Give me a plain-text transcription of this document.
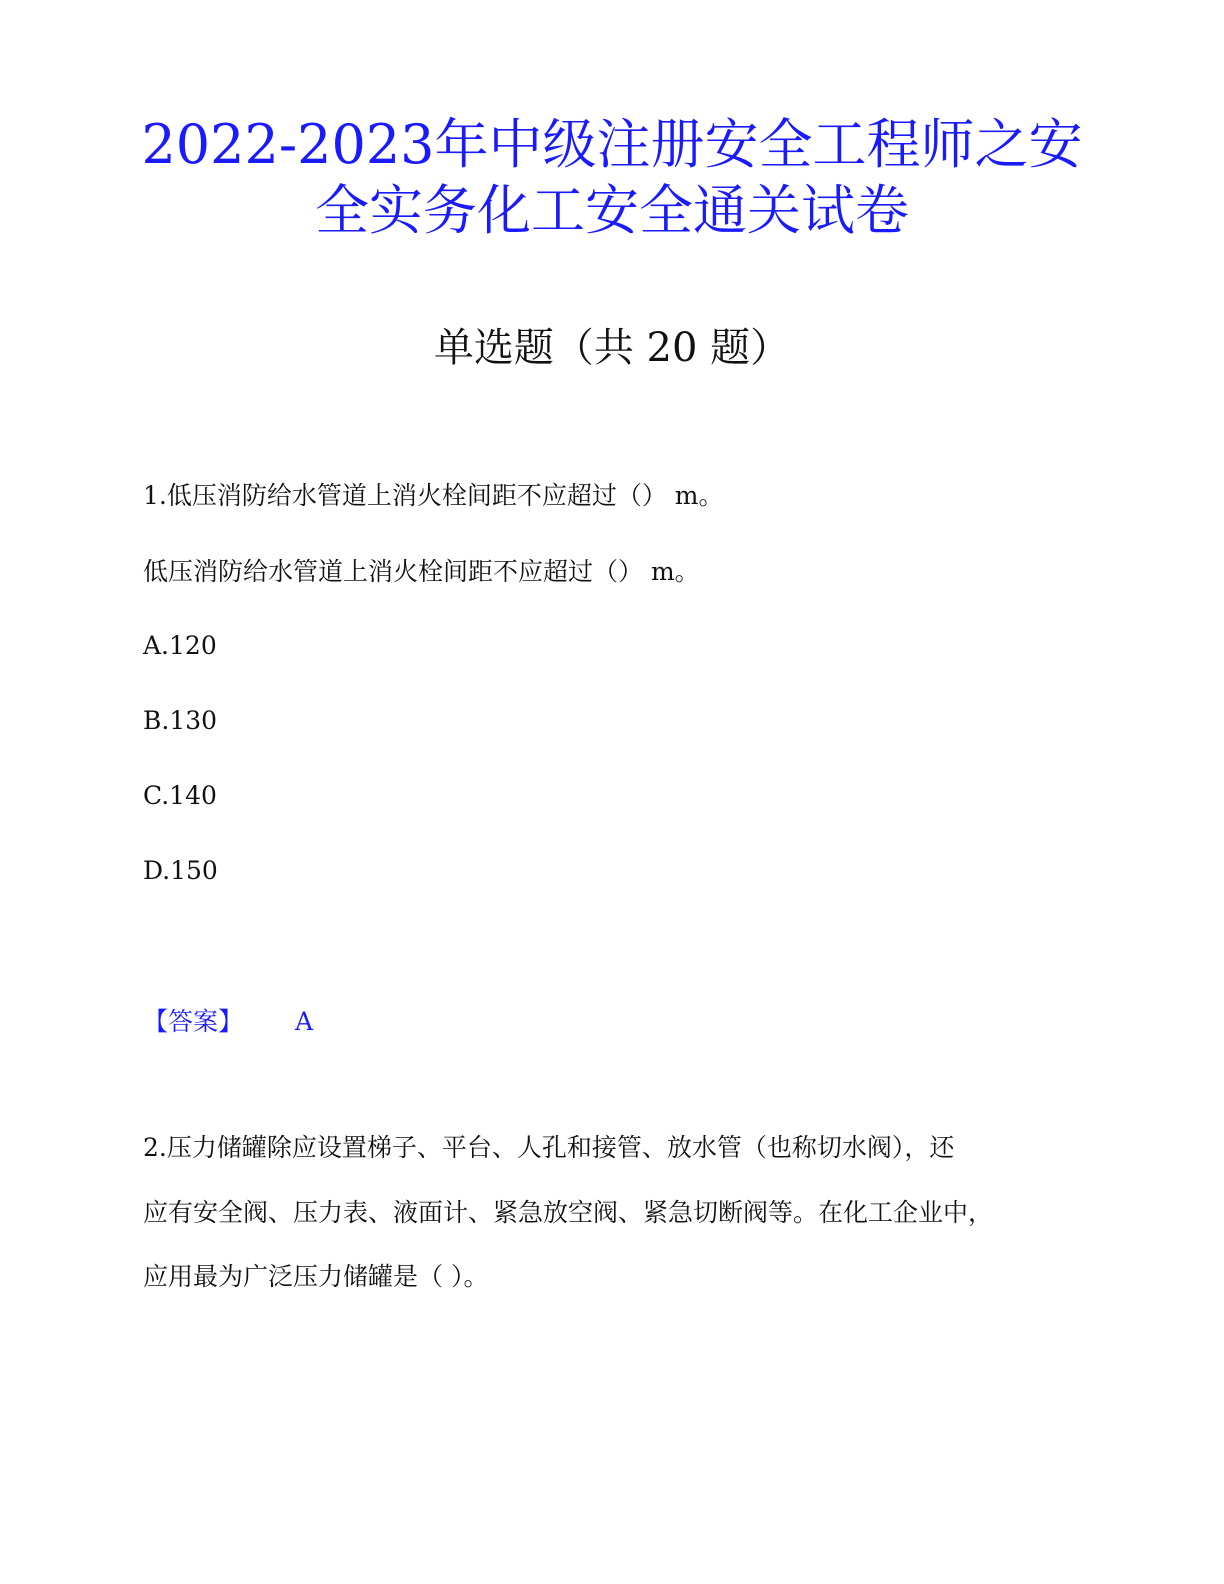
2022-2023年中级注册安全工程师之安
全实务化工安全通关试卷
单选题（共 20 题）
1.低压消防给水管道上消火栓间距不应超过（） m。
低压消防给水管道上消火栓间距不应超过（） m。
A.120
B.130
C.140
D.150
【答案】 A
2.压力储罐除应设置梯子、平台、人孔和接管、放水管（也称切水阀），还
应有安全阀、压力表、液面计、紧急放空阀、紧急切断阀等。在化工企业中，
应用最为广泛压力储罐是（ ）。
